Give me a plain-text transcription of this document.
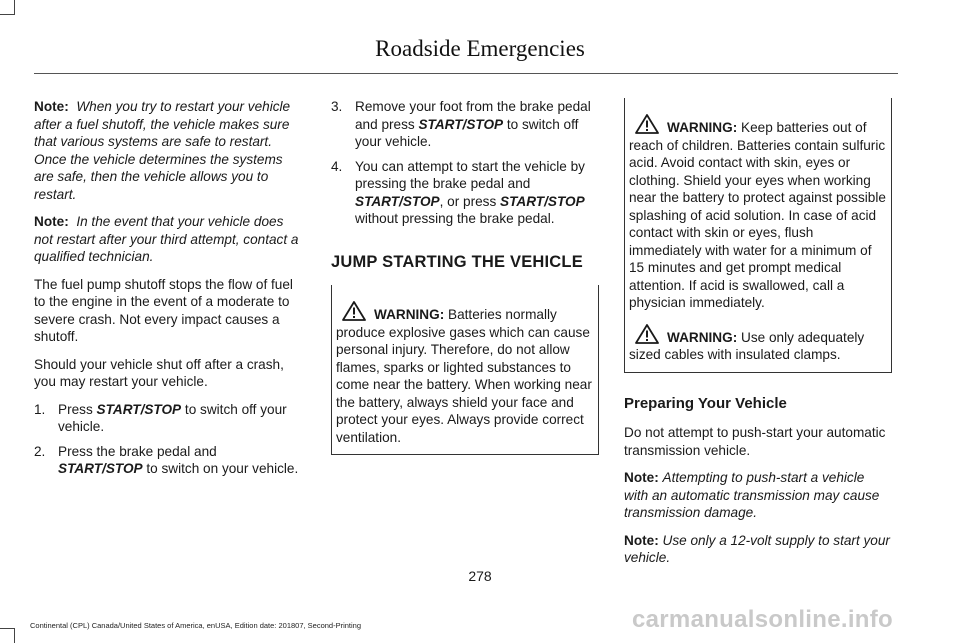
Roadside Emergencies

Note: When you try to restart your vehicle after a fuel shutoff, the vehicle makes sure that various systems are safe to restart. Once the vehicle determines the systems are safe, then the vehicle allows you to restart.

Note: In the event that your vehicle does not restart after your third attempt, contact a qualified technician.

The fuel pump shutoff stops the flow of fuel to the engine in the event of a moderate to severe crash. Not every impact causes a shutoff.

Should your vehicle shut off after a crash, you may restart your vehicle.

1. Press START/STOP to switch off your vehicle.
2. Press the brake pedal and START/STOP to switch on your vehicle.
3. Remove your foot from the brake pedal and press START/STOP to switch off your vehicle.
4. You can attempt to start the vehicle by pressing the brake pedal and START/STOP, or press START/STOP without pressing the brake pedal.
JUMP STARTING THE VEHICLE

WARNING: Batteries normally produce explosive gases which can cause personal injury. Therefore, do not allow flames, sparks or lighted substances to come near the battery. When working near the battery, always shield your face and protect your eyes. Always provide correct ventilation.

WARNING: Keep batteries out of reach of children. Batteries contain sulfuric acid. Avoid contact with skin, eyes or clothing. Shield your eyes when working near the battery to protect against possible splashing of acid solution. In case of acid contact with skin or eyes, flush immediately with water for a minimum of 15 minutes and get prompt medical attention. If acid is swallowed, call a physician immediately.

WARNING: Use only adequately sized cables with insulated clamps.

Preparing Your Vehicle

Do not attempt to push-start your automatic transmission vehicle.

Note: Attempting to push-start a vehicle with an automatic transmission may cause transmission damage.

Note: Use only a 12-volt supply to start your vehicle.

278
Continental (CPL) Canada/United States of America, enUSA, Edition date: 201807, Second-Printing	carmanualsonline.info
